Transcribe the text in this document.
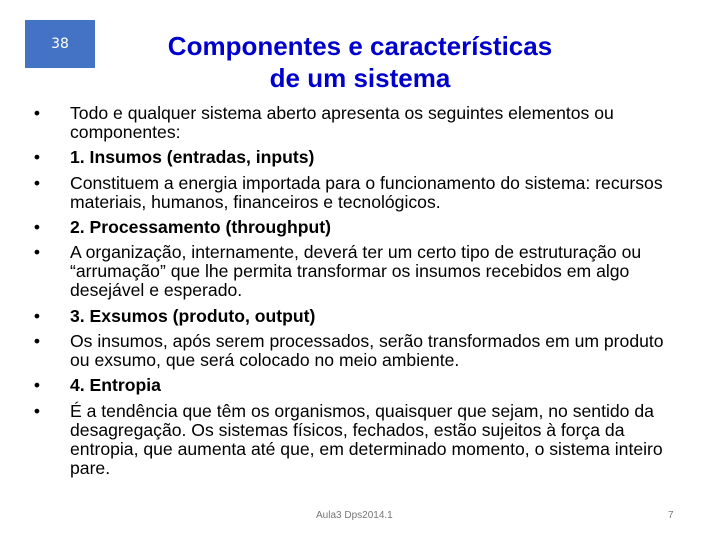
38	Componentes e características
de um sistema
•	Todo e qualquer sistema aberto apresenta os seguintes elementos ou componentes:
•	1. Insumos (entradas, inputs)
•	Constituem a energia importada para o funcionamento do sistema: recursos materiais, humanos, financeiros e tecnológicos.
•	2. Processamento (throughput)
•	A organização, internamente, deverá ter um certo tipo de estruturação ou “arrumação” que lhe permita transformar os insumos recebidos em algo desejável e esperado.
•	3. Exsumos (produto, output)
•	Os insumos, após serem processados, serão transformados em um produto ou exsumo, que será colocado no meio ambiente.
•	4. Entropia
•	É a tendência que têm os organismos, quaisquer que sejam, no sentido da desagregação. Os sistemas físicos, fechados, estão sujeitos à força da entropia, que aumenta até que, em determinado momento, o sistema inteiro pare.
Aula3 Dps2014.1	7
